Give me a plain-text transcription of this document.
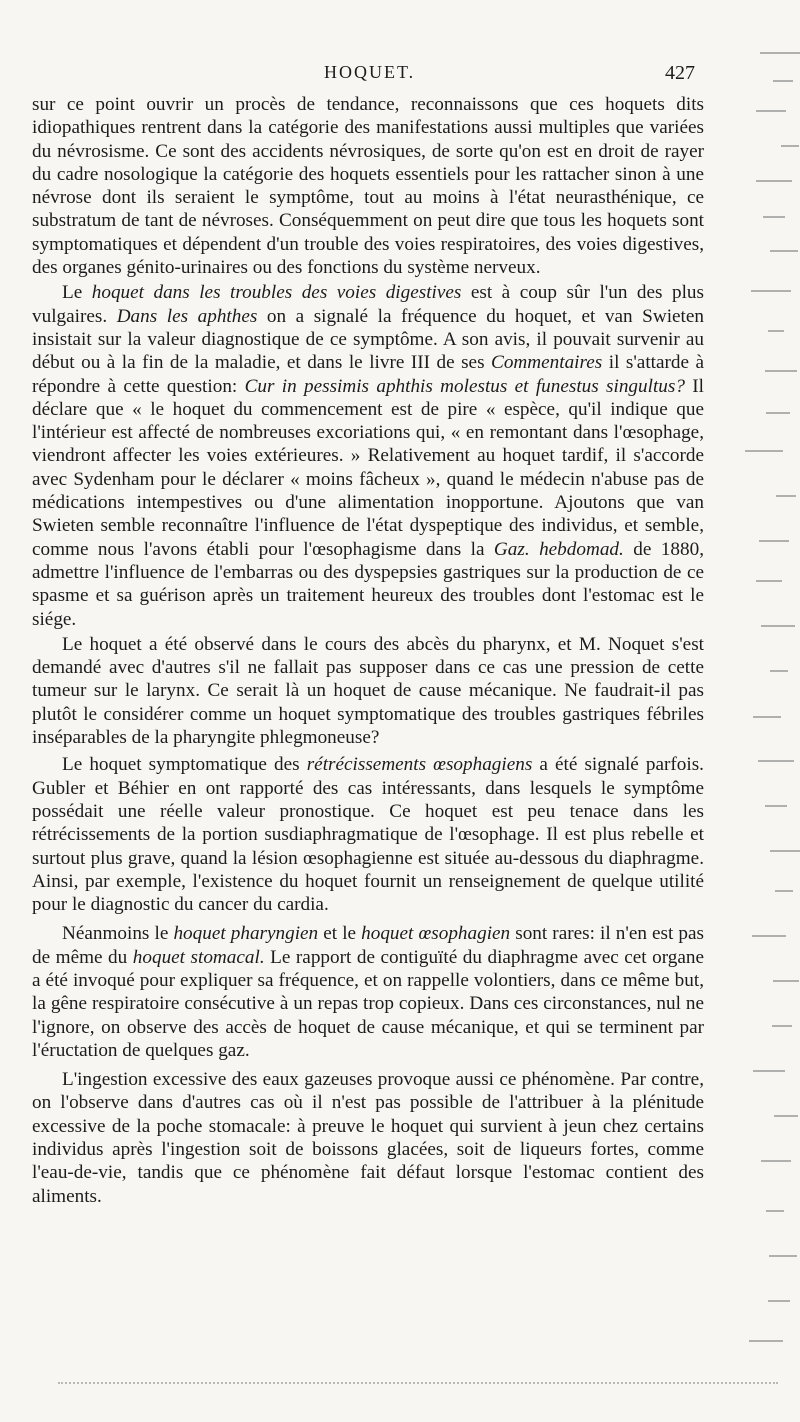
HOQUET.	427

sur ce point ouvrir un procès de tendance, reconnaissons que ces hoquets dits idiopathiques rentrent dans la catégorie des manifestations aussi multiples que variées du névrosisme. Ce sont des accidents névrosiques, de sorte qu'on est en droit de rayer du cadre nosologique la catégorie des hoquets essentiels pour les rattacher sinon à une névrose dont ils seraient le symptôme, tout au moins à l'état neurasthénique, ce substratum de tant de névroses. Conséquemment on peut dire que tous les hoquets sont symptomatiques et dépendent d'un trouble des voies respiratoires, des voies digestives, des organes génito-urinaires ou des fonctions du système nerveux.

Le hoquet dans les troubles des voies digestives est à coup sûr l'un des plus vulgaires. Dans les aphthes on a signalé la fréquence du hoquet, et van Swieten insistait sur la valeur diagnostique de ce symptôme. A son avis, il pouvait survenir au début ou à la fin de la maladie, et dans le livre III de ses Commentaires il s'attarde à répondre à cette question: Cur in pessimis aphthis molestus et funestus singultus? Il déclare que « le hoquet du commencement est de pire « espèce, qu'il indique que l'intérieur est affecté de nombreuses excoriations qui, « en remontant dans l'œsophage, viendront affecter les voies extérieures. » Relativement au hoquet tardif, il s'accorde avec Sydenham pour le déclarer « moins fâcheux », quand le médecin n'abuse pas de médications intempestives ou d'une alimentation inopportune. Ajoutons que van Swieten semble reconnaître l'influence de l'état dyspeptique des individus, et semble, comme nous l'avons établi pour l'œsophagisme dans la Gaz. hebdomad. de 1880, admettre l'influence de l'embarras ou des dyspepsies gastriques sur la production de ce spasme et sa guérison après un traitement heureux des troubles dont l'estomac est le siége.

Le hoquet a été observé dans le cours des abcès du pharynx, et M. Noquet s'est demandé avec d'autres s'il ne fallait pas supposer dans ce cas une pression de cette tumeur sur le larynx. Ce serait là un hoquet de cause mécanique. Ne faudrait-il pas plutôt le considérer comme un hoquet symptomatique des troubles gastriques fébriles inséparables de la pharyngite phlegmoneuse?

Le hoquet symptomatique des rétrécissements œsophagiens a été signalé parfois. Gubler et Béhier en ont rapporté des cas intéressants, dans lesquels le symptôme possédait une réelle valeur pronostique. Ce hoquet est peu tenace dans les rétrécissements de la portion susdiaphragmatique de l'œsophage. Il est plus rebelle et surtout plus grave, quand la lésion œsophagienne est située au-dessous du diaphragme. Ainsi, par exemple, l'existence du hoquet fournit un renseignement de quelque utilité pour le diagnostic du cancer du cardia.

Néanmoins le hoquet pharyngien et le hoquet œsophagien sont rares: il n'en est pas de même du hoquet stomacal. Le rapport de contiguïté du diaphragme avec cet organe a été invoqué pour expliquer sa fréquence, et on rappelle volontiers, dans ce même but, la gêne respiratoire consécutive à un repas trop copieux. Dans ces circonstances, nul ne l'ignore, on observe des accès de hoquet de cause mécanique, et qui se terminent par l'éructation de quelques gaz.

L'ingestion excessive des eaux gazeuses provoque aussi ce phénomène. Par contre, on l'observe dans d'autres cas où il n'est pas possible de l'attribuer à la plénitude excessive de la poche stomacale: à preuve le hoquet qui survient à jeun chez certains individus après l'ingestion soit de boissons glacées, soit de liqueurs fortes, comme l'eau-de-vie, tandis que ce phénomène fait défaut lorsque l'estomac contient des aliments.
